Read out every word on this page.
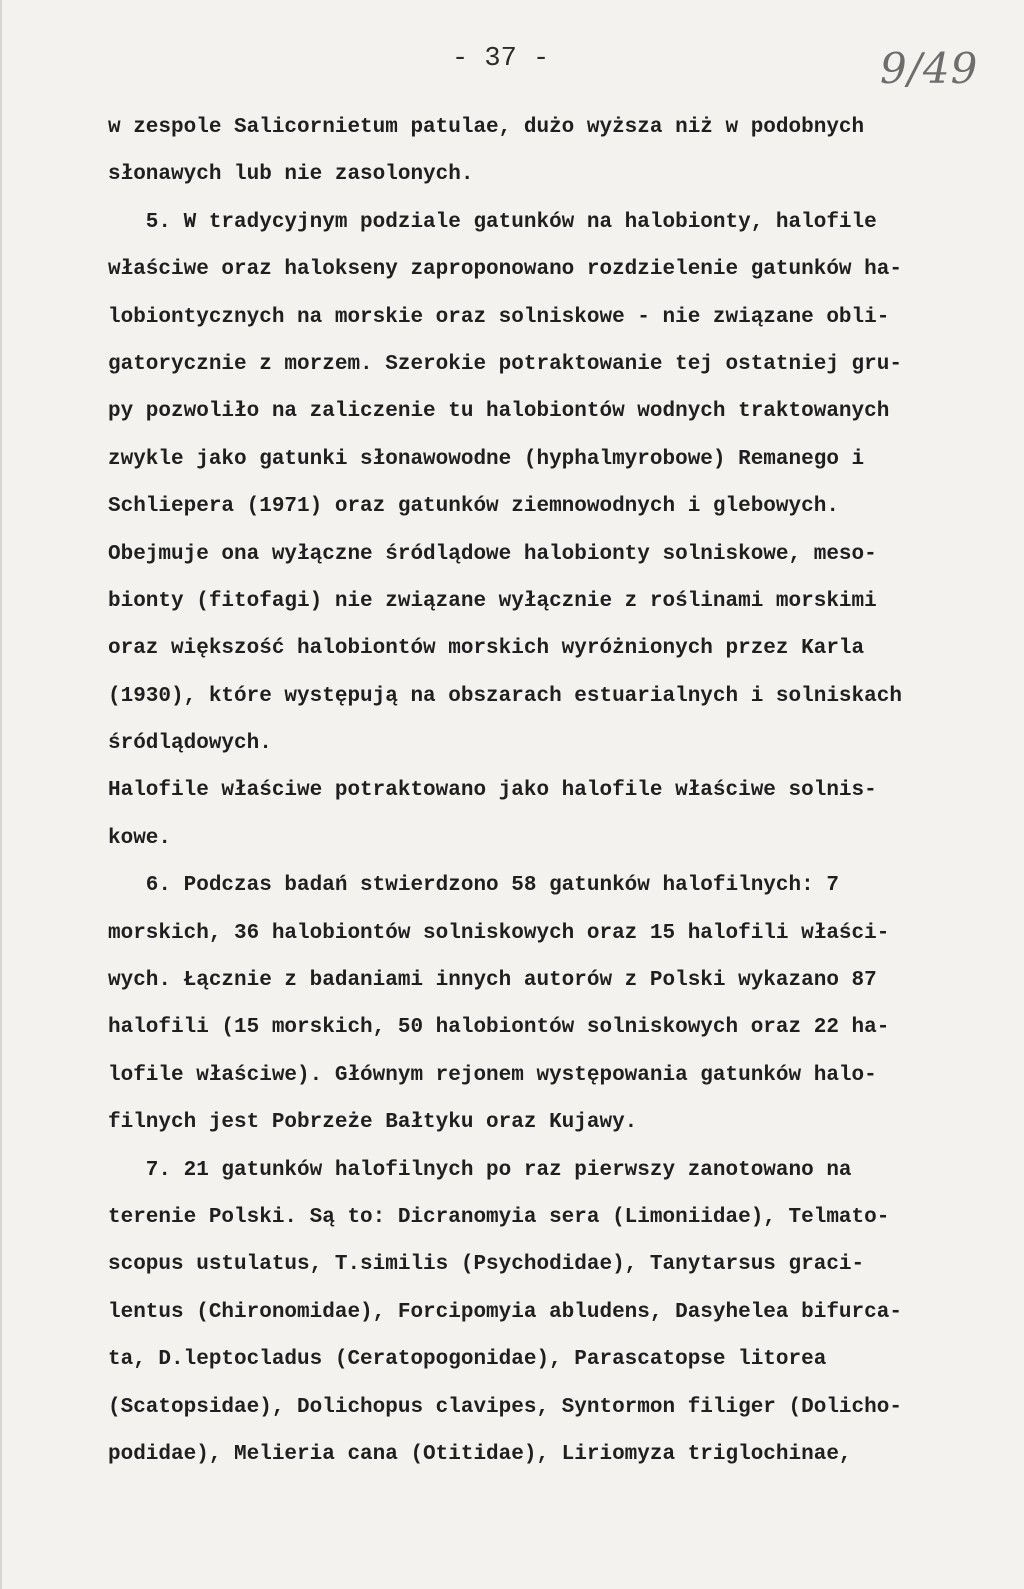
- 37 -	9/49
w zespole Salicornietum patulae, dużo wyższa niż w podobnych
słonawych lub nie zasolonych.
5. W tradycyjnym podziale gatunków na halobionty, halofile
właściwe oraz halokseny zaproponowano rozdzielenie gatunków ha-
lobiontycznych na morskie oraz solniskowe - nie związane obli-
gatorycznie z morzem. Szerokie potraktowanie tej ostatniej gru-
py pozwoliło na zaliczenie tu halobiontów wodnych traktowanych
zwykle jako gatunki słonawowodne (hyphalmyrobowe) Remanego i
Schliepera (1971) oraz gatunków ziemnowodnych i glebowych.
Obejmuje ona wyłączne śródlądowe halobionty solniskowe, meso-
bionty (fitofagi) nie związane wyłącznie z roślinami morskimi
oraz większość halobiontów morskich wyróżnionych przez Karla
(1930), które występują na obszarach estuarialnych i solniskach
śródlądowych.
Halofile właściwe potraktowano jako halofile właściwe solnis-
kowe.
6. Podczas badań stwierdzono 58 gatunków halofilnych: 7
morskich, 36 halobiontów solniskowych oraz 15 halofili właści-
wych. Łącznie z badaniami innych autorów z Polski wykazano 87
halofili (15 morskich, 50 halobiontów solniskowych oraz 22 ha-
lofile właściwe). Głównym rejonem występowania gatunków halo-
filnych jest Pobrzeże Bałtyku oraz Kujawy.
7. 21 gatunków halofilnych po raz pierwszy zanotowano na
terenie Polski. Są to: Dicranomyia sera (Limoniidae), Telmato-
scopus ustulatus, T.similis (Psychodidae), Tanytarsus graci-
lentus (Chironomidae), Forcipomyia abludens, Dasyhelea bifurca-
ta, D.leptocladus (Ceratopogonidae), Parascatopse litorea
(Scatopsidae), Dolichopus clavipes, Syntormon filiger (Dolicho-
podidae), Melieria cana (Otitidae), Liriomyza triglochinae,
